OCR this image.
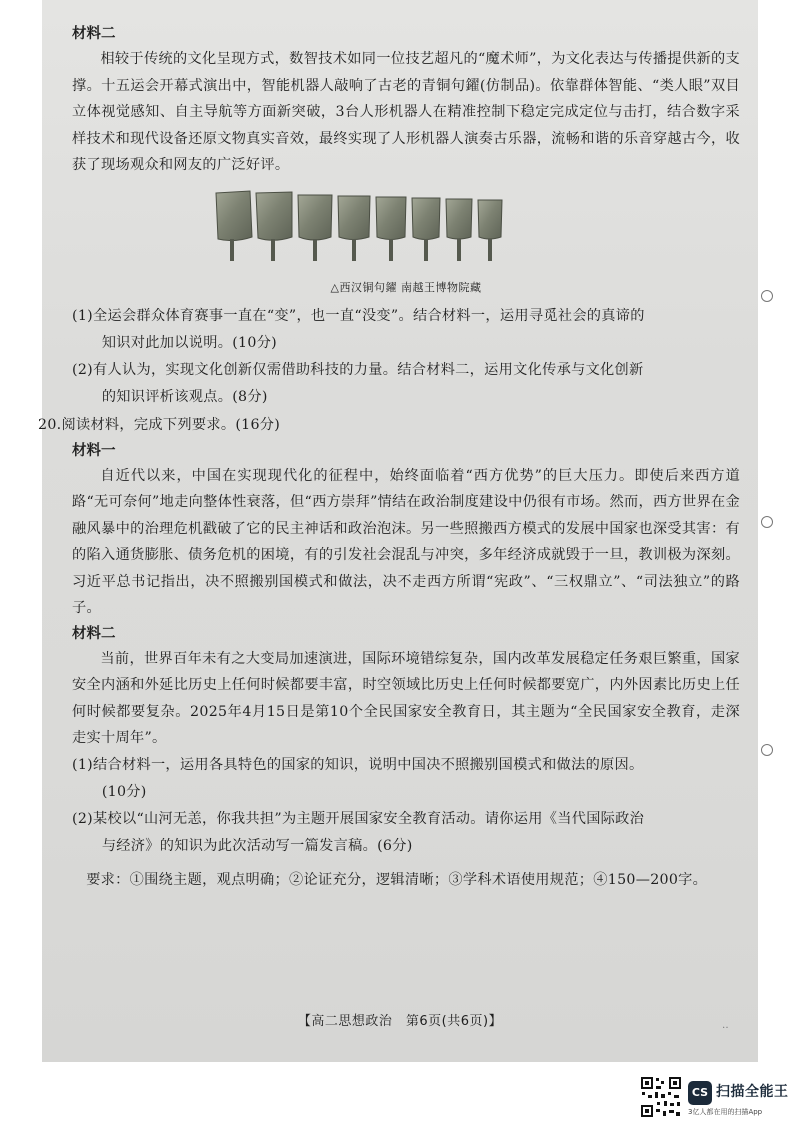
材料二

相较于传统的文化呈现方式，数智技术如同一位技艺超凡的“魔术师”，为文化表达与传播提供新的支撑。十五运会开幕式演出中，智能机器人敲响了古老的青铜句鑃(仿制品)。依靠群体智能、“类人眼”双目立体视觉感知、自主导航等方面新突破，3台人形机器人在精准控制下稳定完成定位与击打，结合数字采样技术和现代设备还原文物真实音效，最终实现了人形机器人演奏古乐器，流畅和谐的乐音穿越古今，收获了现场观众和网友的广泛好评。

△西汉铜句鑃 南越王博物院藏

(1)全运会群众体育赛事一直在“变”，也一直“没变”。结合材料一，运用寻觅社会的真谛的
知识对此加以说明。(10分)

(2)有人认为，实现文化创新仅需借助科技的力量。结合材料二，运用文化传承与文化创新
的知识评析该观点。(8分)

20.阅读材料，完成下列要求。(16分)

材料一

自近代以来，中国在实现现代化的征程中，始终面临着“西方优势”的巨大压力。即使后来西方道路“无可奈何”地走向整体性衰落，但“西方崇拜”情结在政治制度建设中仍很有市场。然而，西方世界在金融风暴中的治理危机戳破了它的民主神话和政治泡沫。另一些照搬西方模式的发展中国家也深受其害：有的陷入通货膨胀、债务危机的困境，有的引发社会混乱与冲突，多年经济成就毁于一旦，教训极为深刻。习近平总书记指出，决不照搬别国模式和做法，决不走西方所谓“宪政”、“三权鼎立”、“司法独立”的路子。

材料二

当前，世界百年未有之大变局加速演进，国际环境错综复杂，国内改革发展稳定任务艰巨繁重，国家安全内涵和外延比历史上任何时候都要丰富，时空领域比历史上任何时候都要宽广，内外因素比历史上任何时候都要复杂。2025年4月15日是第10个全民国家安全教育日，其主题为“全民国家安全教育，走深走实十周年”。

(1)结合材料一，运用各具特色的国家的知识，说明中国决不照搬别国模式和做法的原因。
(10分)

(2)某校以“山河无恙，你我共担”为主题开展国家安全教育活动。请你运用《当代国际政治
与经济》的知识为此次活动写一篇发言稿。(6分)

要求：①围绕主题，观点明确；②论证充分，逻辑清晰；③学科术语使用规范；④150—200字。

【高二思想政治　第6页(共6页)】	‥
CS 扫描全能王
3亿人都在用的扫描App
